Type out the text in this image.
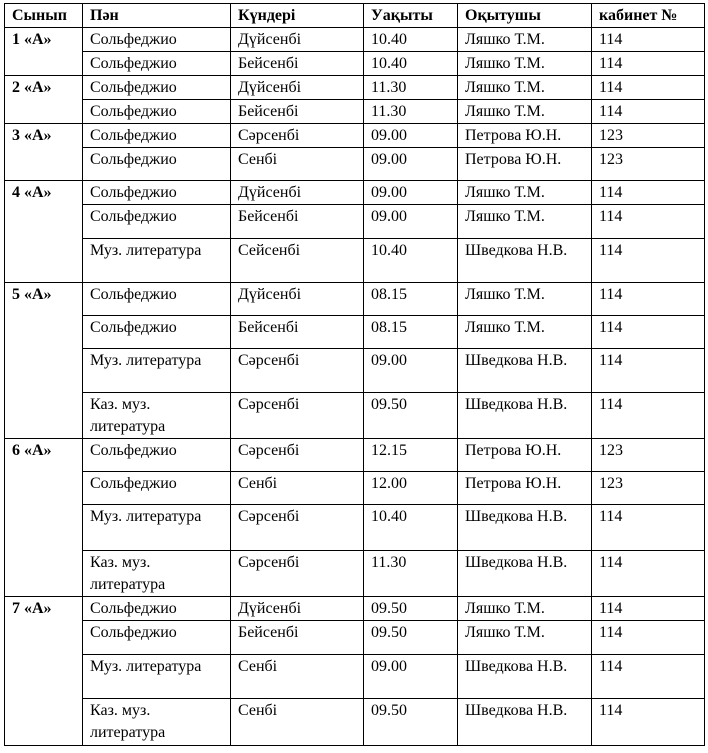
Сынып	Пән	Күндері	Уақыты	Оқытушы	кабинет №
1 «А»	Сольфеджио	Дүйсенбі	10.40	Ляшко Т.М.	114
	Сольфеджио	Бейсенбі	10.40	Ляшко Т.М.	114
2 «А»	Сольфеджио	Дүйсенбі	11.30	Ляшко Т.М.	114
	Сольфеджио	Бейсенбі	11.30	Ляшко Т.М.	114
3 «А»	Сольфеджио	Сәрсенбі	09.00	Петрова Ю.Н.	123
	Сольфеджио	Сенбі	09.00	Петрова Ю.Н.	123
4 «А»	Сольфеджио	Дүйсенбі	09.00	Ляшко Т.М.	114
	Сольфеджио	Бейсенбі	09.00	Ляшко Т.М.	114
	Муз. литература	Сейсенбі	10.40	Шведкова Н.В.	114
5 «А»	Сольфеджио	Дүйсенбі	08.15	Ляшко Т.М.	114
	Сольфеджио	Бейсенбі	08.15	Ляшко Т.М.	114
	Муз. литература	Сәрсенбі	09.00	Шведкова Н.В.	114
	Каз. муз. литература	Сәрсенбі	09.50	Шведкова Н.В.	114
6 «А»	Сольфеджио	Сәрсенбі	12.15	Петрова Ю.Н.	123
	Сольфеджио	Сенбі	12.00	Петрова Ю.Н.	123
	Муз. литература	Сәрсенбі	10.40	Шведкова Н.В.	114
	Каз. муз. литература	Сәрсенбі	11.30	Шведкова Н.В.	114
7 «А»	Сольфеджио	Дүйсенбі	09.50	Ляшко Т.М.	114
	Сольфеджио	Бейсенбі	09.50	Ляшко Т.М.	114
	Муз. литература	Сенбі	09.00	Шведкова Н.В.	114
	Каз. муз. литература	Сенбі	09.50	Шведкова Н.В.	114
